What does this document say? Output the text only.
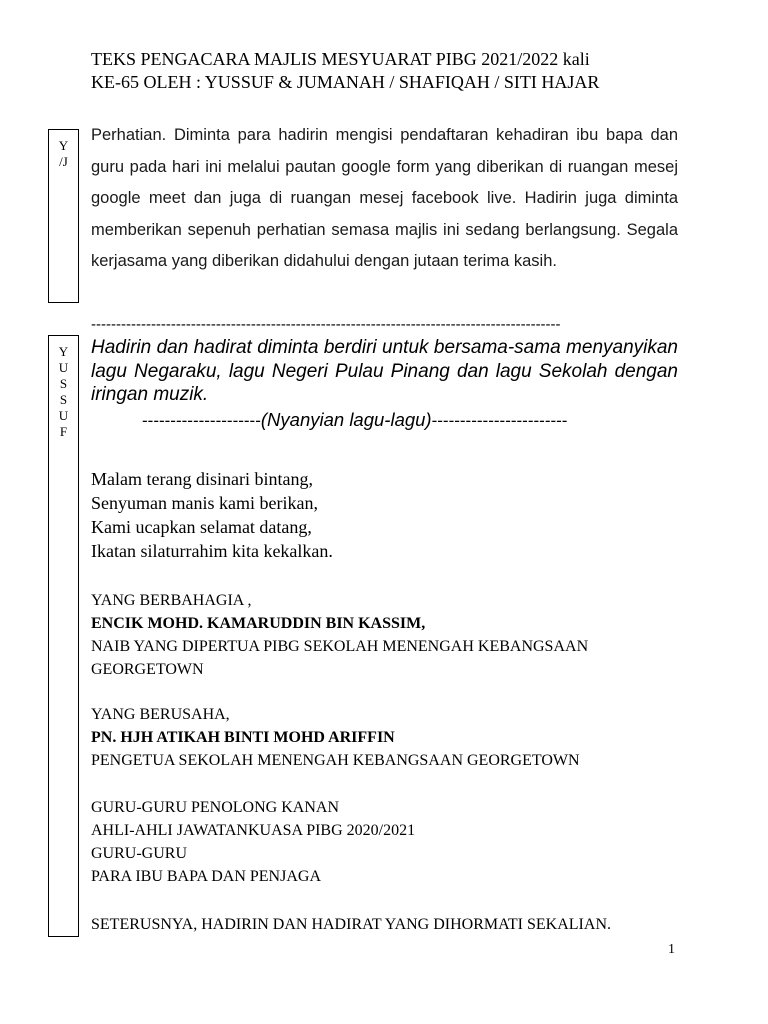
TEKS PENGACARA MAJLIS MESYUARAT PIBG 2021/2022 kali
KE-65 OLEH : YUSSUF & JUMANAH / SHAFIQAH / SITI HAJAR
Y
/J
Perhatian. Diminta para hadirin mengisi pendaftaran kehadiran ibu bapa dan guru pada hari ini melalui pautan google form yang diberikan di ruangan mesej google meet dan juga di ruangan mesej facebook live. Hadirin juga diminta memberikan sepenuh perhatian semasa majlis ini sedang berlangsung. Segala kerjasama yang diberikan didahului dengan jutaan terima kasih.
----------------------------------------------------------------------------------------------
Y
U
S
S
U
F
Hadirin dan hadirat diminta berdiri untuk bersama-sama menyanyikan lagu Negaraku, lagu Negeri Pulau Pinang dan lagu Sekolah dengan iringan muzik.
---------------------(Nyanyian lagu-lagu)------------------------
Malam terang disinari bintang,
Senyuman manis kami berikan,
Kami ucapkan selamat datang,
Ikatan silaturrahim kita kekalkan.
YANG BERBAHAGIA ,
ENCIK MOHD. KAMARUDDIN BIN KASSIM,
NAIB YANG DIPERTUA PIBG SEKOLAH MENENGAH KEBANGSAAN
GEORGETOWN
YANG BERUSAHA,
PN. HJH ATIKAH BINTI MOHD ARIFFIN
PENGETUA SEKOLAH MENENGAH KEBANGSAAN GEORGETOWN
GURU-GURU PENOLONG KANAN
AHLI-AHLI JAWATANKUASA PIBG 2020/2021
GURU-GURU
PARA IBU BAPA DAN PENJAGA
SETERUSNYA, HADIRIN DAN HADIRAT YANG DIHORMATI SEKALIAN.
1
